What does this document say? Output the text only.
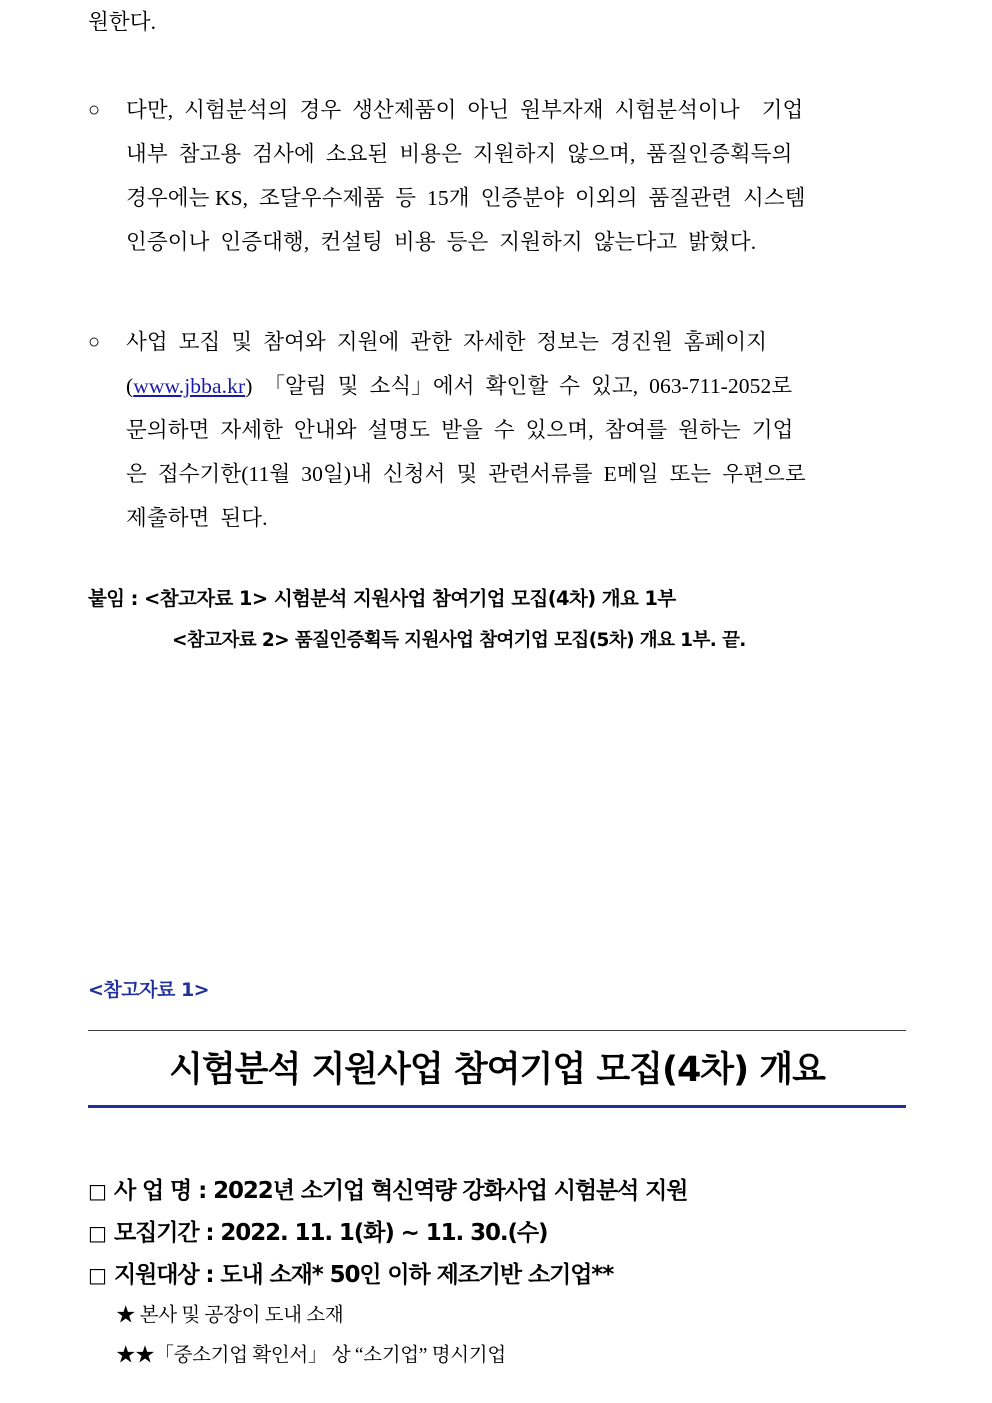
원한다.
○	다만,  시험분석의  경우  생산제품이  아닌  원부자재  시험분석이나    기업
내부  참고용  검사에  소요된  비용은  지원하지  않으며,  품질인증획득의
경우에는 KS,  조달우수제품  등  15개  인증분야  이외의  품질관련  시스템
인증이나  인증대행,  컨설팅  비용  등은  지원하지  않는다고  밝혔다.
○	사업  모집  및  참여와  지원에  관한  자세한  정보는  경진원  홈페이지
(www.jbba.kr)  「알림  및  소식」에서  확인할  수  있고,  063-711-2052로
문의하면  자세한  안내와  설명도  받을  수  있으며,  참여를  원하는  기업
은  접수기한(11월  30일)내  신청서  및  관련서류를  E메일  또는  우편으로
제출하면  된다.
붙임 : <참고자료 1> 시험분석 지원사업 참여기업 모집(4차) 개요 1부
<참고자료 2> 품질인증획득 지원사업 참여기업 모집(5차) 개요 1부. 끝.
<참고자료 1>
시험분석 지원사업 참여기업 모집(4차) 개요
□ 사 업 명 : 2022년 소기업 혁신역량 강화사업 시험분석 지원
□ 모집기간 : 2022. 11. 1(화) ~ 11. 30.(수)
□ 지원대상 : 도내 소재* 50인 이하 제조기반 소기업**
★ 본사 및 공장이 도내 소재
★★「중소기업 확인서」 상 “소기업” 명시기업
